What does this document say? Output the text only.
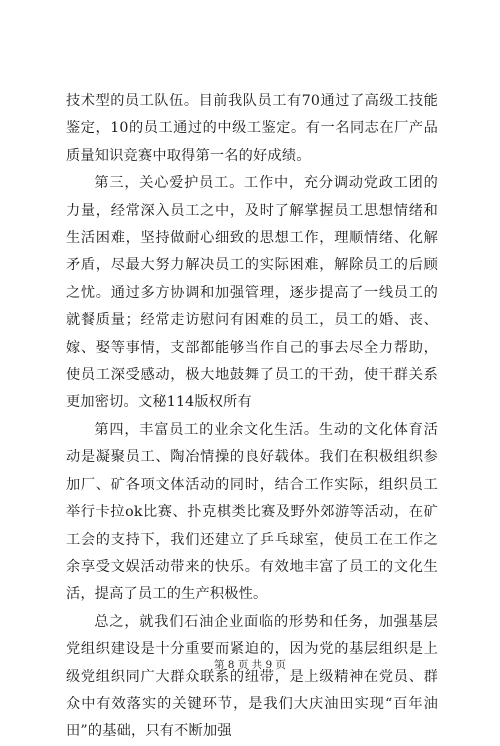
技术型的员工队伍。目前我队员工有70通过了高级工技能鉴定，10的员工通过的中级工鉴定。有一名同志在厂产品质量知识竞赛中取得第一名的好成绩。

第三，关心爱护员工。工作中，充分调动党政工团的力量，经常深入员工之中，及时了解掌握员工思想情绪和生活困难，坚持做耐心细致的思想工作，理顺情绪、化解矛盾，尽最大努力解决员工的实际困难，解除员工的后顾之忧。通过多方协调和加强管理，逐步提高了一线员工的就餐质量；经常走访慰问有困难的员工，员工的婚、丧、嫁、娶等事情，支部都能够当作自己的事去尽全力帮助，使员工深受感动，极大地鼓舞了员工的干劲，使干群关系更加密切。文秘114版权所有

第四，丰富员工的业余文化生活。生动的文化体育活动是凝聚员工、陶冶情操的良好载体。我们在积极组织参加厂、矿各项文体活动的同时，结合工作实际，组织员工举行卡拉ok比赛、扑克棋类比赛及野外郊游等活动，在矿工会的支持下，我们还建立了乒乓球室，使员工在工作之余享受文娱活动带来的快乐。有效地丰富了员工的文化生活，提高了员工的生产积极性。

总之，就我们石油企业面临的形势和任务，加强基层党组织建设是十分重要而紧迫的，因为党的基层组织是上级党组织同广大群众联系的纽带，是上级精神在党员、群众中有效落实的关键环节，是我们大庆油田实现“百年油田”的基础，只有不断加强

第 8 页 共 9 页
